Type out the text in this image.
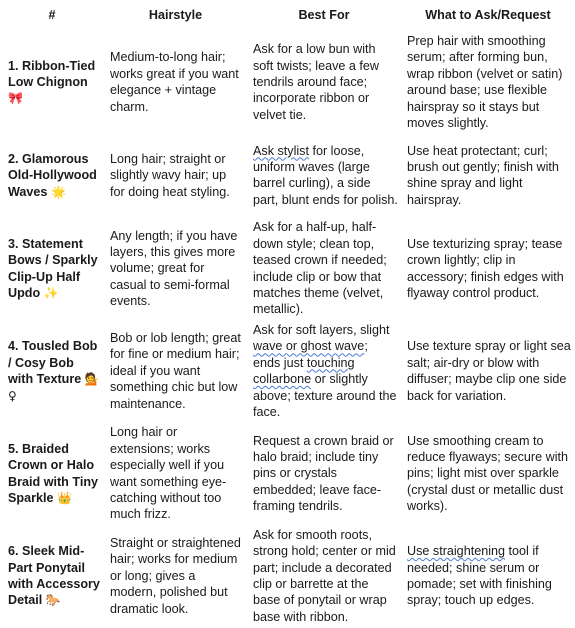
#	Hairstyle	Best For	What to Ask/Request
1. Ribbon-Tied Low Chignon 🎀	Medium-to-long hair; works great if you want elegance + vintage charm.	Ask for a low bun with soft twists; leave a few tendrils around face; incorporate ribbon or velvet tie.	Prep hair with smoothing serum; after forming bun, wrap ribbon (velvet or satin) around base; use flexible hairspray so it stays but moves slightly.
2. Glamorous Old-Hollywood Waves 🌟	Long hair; straight or slightly wavy hair; up for doing heat styling.	Ask stylist for loose, uniform waves (large barrel curling), a side part, blunt ends for polish.	Use heat protectant; curl; brush out gently; finish with shine spray and light hairspray.
3. Statement Bows / Sparkly Clip-Up Half Updo ✨	Any length; if you have layers, this gives more volume; great for casual to semi-formal events.	Ask for a half-up, half-down style; clean top, teased crown if needed; include clip or bow that matches theme (velvet, metallic).	Use texturizing spray; tease crown lightly; clip in accessory; finish edges with flyaway control product.
4. Tousled Bob / Cosy Bob with Texture 💁 ♀	Bob or lob length; great for fine or medium hair; ideal if you want something chic but low maintenance.	Ask for soft layers, slight wave or ghost wave; ends just touching collarbone or slightly above; texture around the face.	Use texture spray or light sea salt; air-dry or blow with diffuser; maybe clip one side back for variation.
5. Braided Crown or Halo Braid with Tiny Sparkle 👑	Long hair or extensions; works especially well if you want something eye-catching without too much frizz.	Request a crown braid or halo braid; include tiny pins or crystals embedded; leave face-framing tendrils.	Use smoothing cream to reduce flyaways; secure with pins; light mist over sparkle (crystal dust or metallic dust works).
6. Sleek Mid-Part Ponytail with Accessory Detail 🐎	Straight or straightened hair; works for medium or long; gives a modern, polished but dramatic look.	Ask for smooth roots, strong hold; center or mid part; include a decorated clip or barrette at the base of ponytail or wrap base with ribbon.	Use straightening tool if needed; shine serum or pomade; set with finishing spray; touch up edges.
